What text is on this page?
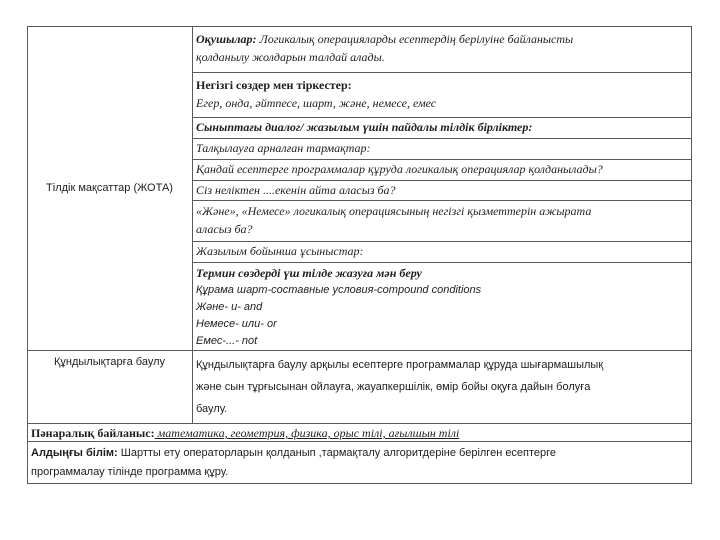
Тілдік мақсаттар (ЖОТА)
Құндылықтарға баулу
Оқушылар: Логикалық операцияларды есептердің берілуіне байланысты
қолданылу жолдарын талдай алады.
Негізгі сөздер мен тіркестер:
Егер, онда, әйтпесе, шарт, және, немесе, емес
Сыныптағы диалог/ жазылым үшін пайдалы тілдік бірліктер:
Талқылауға арналған тармақтар:
Қандай есептерге программалар құруда логикалық операциялар қолданылады?
Сіз неліктен ....екенін айта аласыз ба?
«Және», «Немесе» логикалық операциясының негізгі қызметтерін ажырата
аласыз ба?
Жазылым бойынша ұсыныстар:
Термин сөздерді үш тілде жазуға мән беру
Құрама шарт-составные условия-compound conditions
Және- и- and
Немесе- или- or
Емес-...- not
Құндылықтарға баулу арқылы есептерге программалар құруда шығармашылық
және сын тұрғысынан ойлауға, жауапкершілік, өмір бойы оқуға дайын болуға
баулу.
Пәнаралық байланыс: математика, геометрия, физика, орыс тілі, ағылшын тілі
Алдыңғы білім: Шартты ету операторларын қолданып ,тармақталу алгоритдеріне берілген есептерге
программалау тілінде программа құру.
